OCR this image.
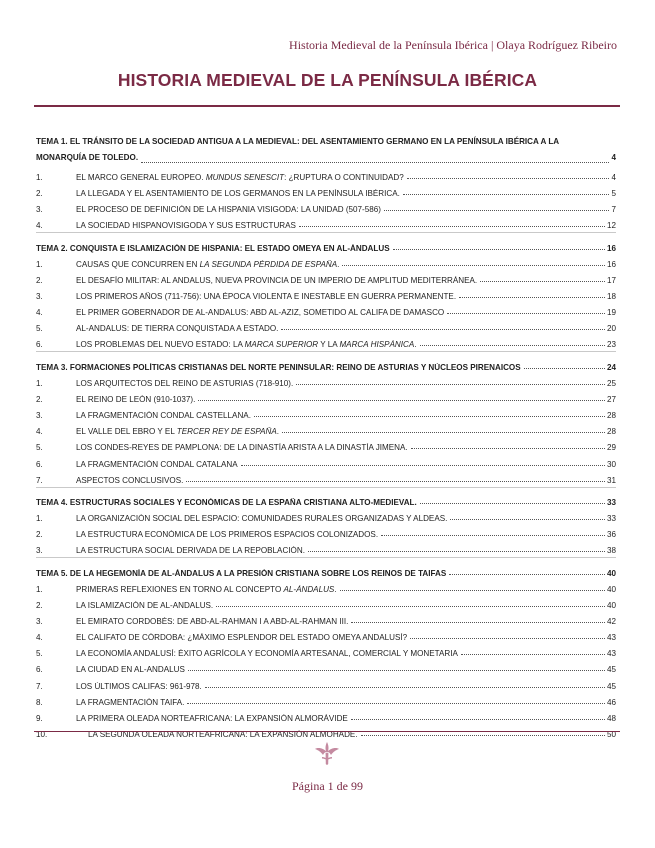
Historia Medieval de la Península Ibérica | Olaya Rodríguez Ribeiro
HISTORIA MEDIEVAL DE LA PENÍNSULA IBÉRICA
TEMA 1. EL TRÁNSITO DE LA SOCIEDAD ANTIGUA A LA MEDIEVAL: DEL ASENTAMIENTO GERMANO EN LA PENÍNSULA IBÉRICA A LA
MONARQUÍA DE TOLEDO.	4
1.	EL MARCO GENERAL EUROPEO. MUNDUS SENESCIT: ¿RUPTURA O CONTINUIDAD?	4
2.	LA LLEGADA Y EL ASENTAMIENTO DE LOS GERMANOS EN LA PENÍNSULA IBÉRICA.	5
3.	EL PROCESO DE DEFINICIÓN DE LA HISPANIA VISIGODA: LA UNIDAD (507-586)	7
4.	LA SOCIEDAD HISPANOVISIGODA Y SUS ESTRUCTURAS	12
TEMA 2. CONQUISTA E ISLAMIZACIÓN DE HISPANIA: EL ESTADO OMEYA EN AL-ÁNDALUS	16
1.	CAUSAS QUE CONCURREN EN LA SEGUNDA PÉRDIDA DE ESPAÑA.	16
2.	EL DESAFÍO MILITAR: AL ANDALUS, NUEVA PROVINCIA DE UN IMPERIO DE AMPLITUD MEDITERRÁNEA.	17
3.	LOS PRIMEROS AÑOS (711-756): UNA ÉPOCA VIOLENTA E INESTABLE EN GUERRA PERMANENTE.	18
4.	EL PRIMER GOBERNADOR DE AL-ANDALUS: ABD AL-AZIZ, SOMETIDO AL CALIFA DE DAMASCO	19
5.	AL-ANDALUS: DE TIERRA CONQUISTADA A ESTADO.	20
6.	LOS PROBLEMAS DEL NUEVO ESTADO: LA MARCA SUPERIOR Y LA MARCA HISPÁNICA.	23
TEMA 3. FORMACIONES POLÍTICAS CRISTIANAS DEL NORTE PENINSULAR: REINO DE ASTURIAS Y NÚCLEOS PIRENAICOS	24
1.	LOS ARQUITECTOS DEL REINO DE ASTURIAS (718-910).	25
2.	EL REINO DE LEÓN (910-1037).	27
3.	LA FRAGMENTACIÓN CONDAL CASTELLANA.	28
4.	EL VALLE DEL EBRO Y EL TERCER REY DE ESPAÑA.	28
5.	LOS CONDES-REYES DE PAMPLONA: DE LA DINASTÍA ARISTA A LA DINASTÍA JIMENA.	29
6.	LA FRAGMENTACIÓN CONDAL CATALANA	30
7.	ASPECTOS CONCLUSIVOS.	31
TEMA 4. ESTRUCTURAS SOCIALES Y ECONÓMICAS DE LA ESPAÑA CRISTIANA ALTO-MEDIEVAL.	33
1.	LA ORGANIZACIÓN SOCIAL DEL ESPACIO: COMUNIDADES RURALES ORGANIZADAS Y ALDEAS.	33
2.	LA ESTRUCTURA ECONÓMICA DE LOS PRIMEROS ESPACIOS COLONIZADOS.	36
3.	LA ESTRUCTURA SOCIAL DERIVADA DE LA REPOBLACIÓN.	38
TEMA 5. DE LA HEGEMONÍA DE AL-ÁNDALUS A LA PRESIÓN CRISTIANA SOBRE LOS REINOS DE TAIFAS	40
1.	PRIMERAS REFLEXIONES EN TORNO AL CONCEPTO AL-ÁNDALUS.	40
2.	LA ISLAMIZACIÓN DE AL-ANDALUS.	40
3.	EL EMIRATO CORDOBÉS: DE ABD-AL-RAHMAN I A ABD-AL-RAHMAN III.	42
4.	EL CALIFATO DE CÓRDOBA: ¿MÁXIMO ESPLENDOR DEL ESTADO OMEYA ANDALUSÍ?	43
5.	LA ECONOMÍA ANDALUSÍ: ÉXITO AGRÍCOLA Y ECONOMÍA ARTESANAL, COMERCIAL Y MONETARIA	43
6.	LA CIUDAD EN AL-ANDALUS	45
7.	LOS ÚLTIMOS CALIFAS: 961-978.	45
8.	LA FRAGMENTACIÓN TAIFA.	46
9.	LA PRIMERA OLEADA NORTEAFRICANA: LA EXPANSIÓN ALMORÁVIDE	48
10.	LA SEGUNDA OLEADA NORTEAFRICANA: LA EXPANSIÓN ALMOHADE.	50
Página 1 de 99
